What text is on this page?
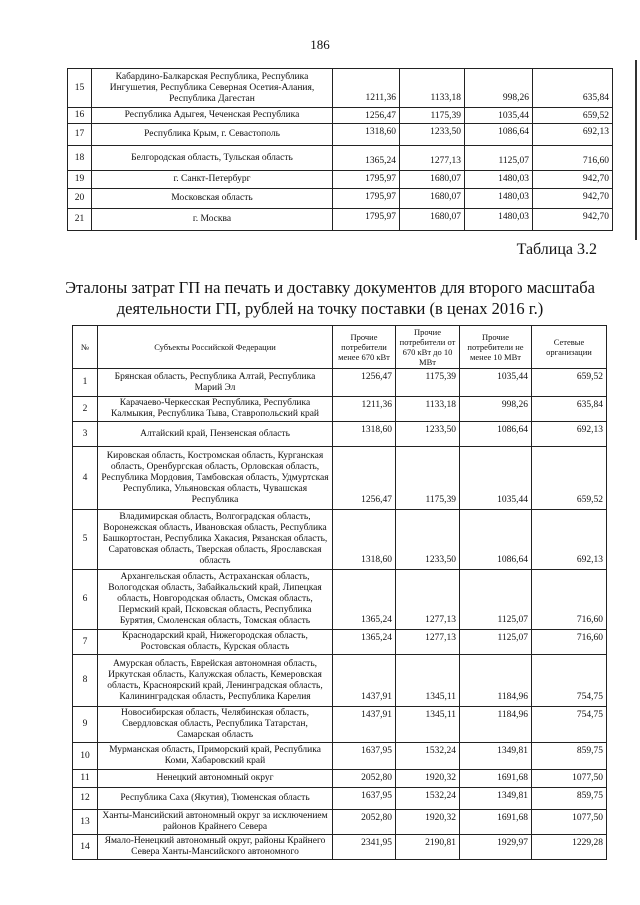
186
15	Кабардино-Балкарская Республика, Республика Ингушетия, Республика Северная Осетия-Алания, Республика Дагестан	1211,36	1133,18	998,26	635,84
16	Республика Адыгея, Чеченская Республика	1256,47	1175,39	1035,44	659,52
17	Республика Крым, г. Севастополь	1318,60	1233,50	1086,64	692,13
18	Белгородская область, Тульская область	1365,24	1277,13	1125,07	716,60
19	г. Санкт-Петербург	1795,97	1680,07	1480,03	942,70
20	Московская область	1795,97	1680,07	1480,03	942,70
21	г. Москва	1795,97	1680,07	1480,03	942,70
Таблица 3.2
Эталоны затрат ГП на печать и доставку документов для второго масштаба деятельности ГП, рублей на точку поставки (в ценах 2016 г.)
№	Субъекты Российской Федерации	Прочие потребители менее 670 кВт	Прочие потребители от 670 кВт до 10 МВт	Прочие потребители не менее 10 МВт	Сетевые организации
1	Брянская область, Республика Алтай, Республика Марий Эл	1256,47	1175,39	1035,44	659,52
2	Карачаево-Черкесская Республика, Республика Калмыкия, Республика Тыва, Ставропольский край	1211,36	1133,18	998,26	635,84
3	Алтайский край, Пензенская область	1318,60	1233,50	1086,64	692,13
4	Кировская область, Костромская область, Курганская область, Оренбургская область, Орловская область, Республика Мордовия, Тамбовская область, Удмуртская Республика, Ульяновская область, Чувашская Республика	1256,47	1175,39	1035,44	659,52
5	Владимирская область, Волгоградская область, Воронежская область, Ивановская область, Республика Башкортостан, Республика Хакасия, Рязанская область, Саратовская область, Тверская область, Ярославская область	1318,60	1233,50	1086,64	692,13
6	Архангельская область, Астраханская область, Вологодская область, Забайкальский край, Липецкая область, Новгородская область, Омская область, Пермский край, Псковская область, Республика Бурятия, Смоленская область, Томская область	1365,24	1277,13	1125,07	716,60
7	Краснодарский край, Нижегородская область, Ростовская область, Курская область	1365,24	1277,13	1125,07	716,60
8	Амурская область, Еврейская автономная область, Иркутская область, Калужская область, Кемеровская область, Красноярский край, Ленинградская область, Калининградская область, Республика Карелия	1437,91	1345,11	1184,96	754,75
9	Новосибирская область, Челябинская область, Свердловская область, Республика Татарстан, Самарская область	1437,91	1345,11	1184,96	754,75
10	Мурманская область, Приморский край, Республика Коми, Хабаровский край	1637,95	1532,24	1349,81	859,75
11	Ненецкий автономный округ	2052,80	1920,32	1691,68	1077,50
12	Республика Саха (Якутия), Тюменская область	1637,95	1532,24	1349,81	859,75
13	Ханты-Мансийский автономный округ за исключением районов Крайнего Севера	2052,80	1920,32	1691,68	1077,50
14	Ямало-Ненецкий автономный округ, районы Крайнего Севера Ханты-Мансийского автономного	2341,95	2190,81	1929,97	1229,28
